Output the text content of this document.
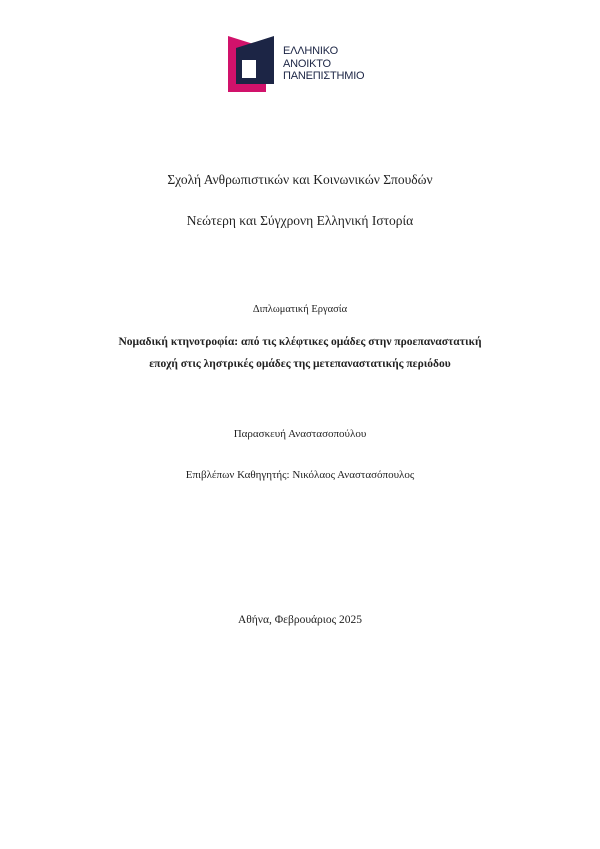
ΕΛΛΗΝΙΚΟ
ΑΝΟΙΚΤΟ
ΠΑΝΕΠΙΣΤΗΜΙΟ
Σχολή Ανθρωπιστικών και Κοινωνικών Σπουδών
Νεώτερη και Σύγχρονη Ελληνική Ιστορία
Διπλωματική Εργασία
Νομαδική κτηνοτροφία: από τις κλέφτικες ομάδες στην προεπαναστατική
εποχή στις ληστρικές ομάδες της μετεπαναστατικής περιόδου
Παρασκευή Αναστασοπούλου
Επιβλέπων Καθηγητής: Νικόλαος Αναστασόπουλος
Αθήνα, Φεβρουάριος 2025
